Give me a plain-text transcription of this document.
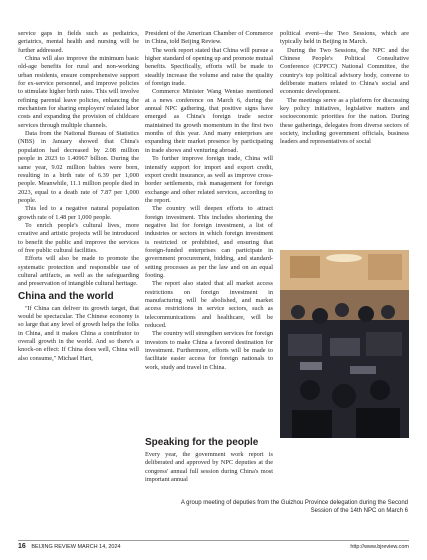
service gaps in fields such as pediatrics, geriatrics, mental health and nursing will be further addressed.

China will also improve the minimum basic old-age benefits for rural and non-working urban residents, ensure comprehensive support for ex-service personnel, and improve policies to stimulate higher birth rates. This will involve refining parental leave policies, enhancing the mechanism for sharing employers' related labor costs and expanding the provision of childcare services through multiple channels.

Data from the National Bureau of Statistics (NBS) in January showed that China's population had decreased by 2.08 million people in 2023 to 1.40967 billion. During the same year, 9.02 million babies were born, resulting in a birth rate of 6.39 per 1,000 people. Meanwhile, 11.1 million people died in 2023, equal to a death rate of 7.87 per 1,000 people.

This led to a negative natural population growth rate of 1.48 per 1,000 people.

To enrich people's cultural lives, more creative and artistic projects will be introduced to benefit the public and improve the services of free public cultural facilities.

Efforts will also be made to promote the systematic protection and responsible use of cultural artifacts, as well as the safeguarding and preservation of intangible cultural heritage.

China and the world

"If China can deliver its growth target, that would be spectacular. The Chinese economy is so large that any level of growth helps the folks in China, and it makes China a contributor to overall growth in the world. And so there's a knock-on effect: If China does well, China will also consume," Michael Hart,

President of the American Chamber of Commerce in China, told Beijing Review.

The work report stated that China will pursue a higher standard of opening up and promote mutual benefits. Specifically, efforts will be made to steadily increase the volume and raise the quality of foreign trade.

Commerce Minister Wang Wentao mentioned at a news conference on March 6, during the annual NPC gathering, that positive signs have emerged as China's foreign trade sector maintained its growth momentum in the first two months of this year. And many enterprises are expanding their market presence by participating in trade shows and venturing abroad.

To further improve foreign trade, China will intensify support for import and export credit, export credit insurance, as well as improve cross-border settlements, risk management for foreign exchange and other related services, according to the report.

The country will deepen efforts to attract foreign investment. This includes shortening the negative list for foreign investment, a list of industries or sectors in which foreign investment is restricted or prohibited, and ensuring that foreign-funded enterprises can participate in government procurement, bidding, and standard-setting processes as per the law and on an equal footing.

The report also stated that all market access restrictions on foreign investment in manufacturing will be abolished, and market access restrictions in service sectors, such as telecommunications and healthcare, will be reduced.

The country will strengthen services for foreign investors to make China a favored destination for investment. Furthermore, efforts will be made to facilitate easier access for foreign nationals to work, study and travel in China.

Speaking for the people

Every year, the government work report is deliberated and approved by NPC deputies at the congress' annual full session during China's most important annual

political event—the Two Sessions, which are typically held in Beijing in March.

During the Two Sessions, the NPC and the Chinese People's Political Consultative Conference (CPPCC) National Committee, the country's top political advisory body, convene to deliberate matters related to China's social and economic development.

The meetings serve as a platform for discussing key policy initiatives, legislative matters and socioeconomic priorities for the nation. During these gatherings, delegates from diverse sectors of society, including government officials, business leaders and representatives of social

A group meeting of deputies from the Guizhou Province delegation during the Second Session of the 14th NPC on March 6
16 BEIJING REVIEW MARCH 14, 2024	http://www.bjreview.com
